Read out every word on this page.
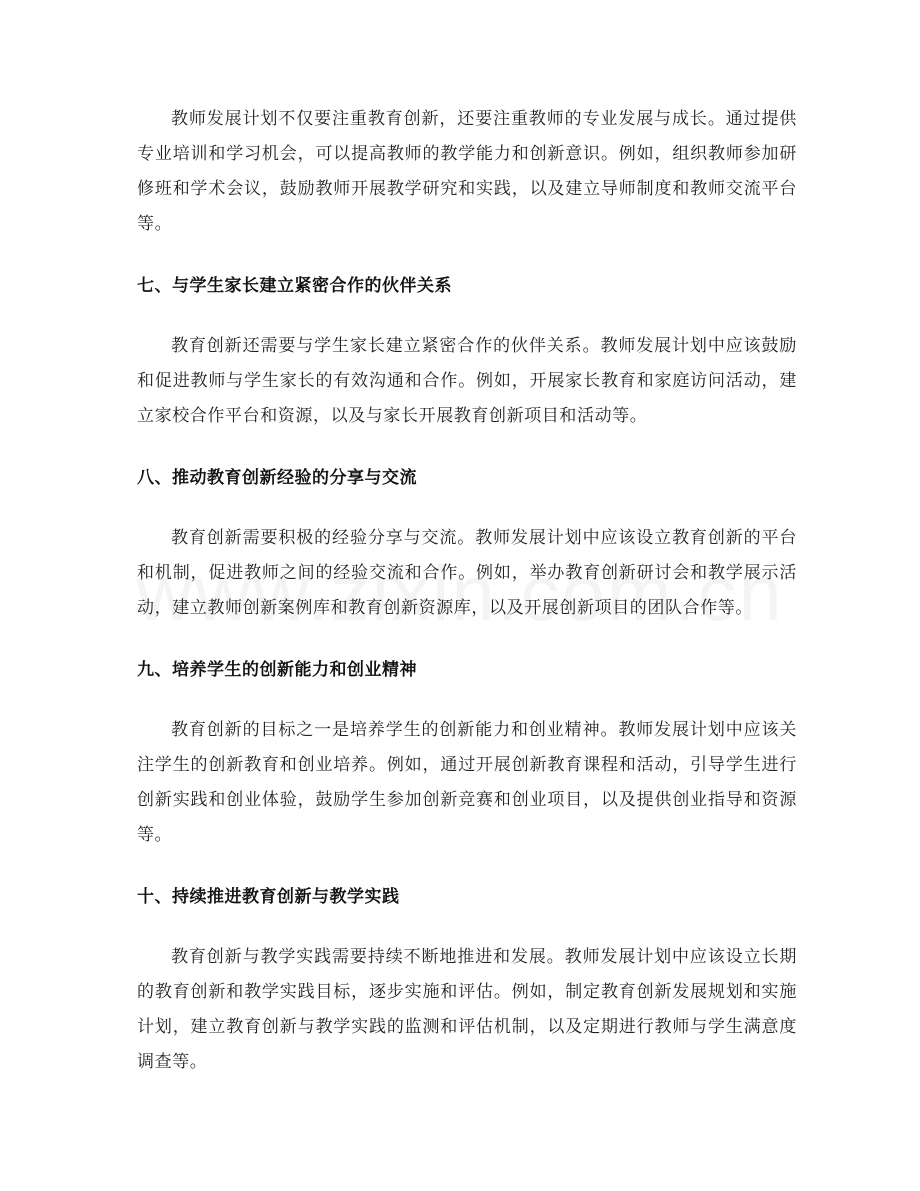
教师发展计划不仅要注重教育创新，还要注重教师的专业发展与成长。通过提供专业培训和学习机会，可以提高教师的教学能力和创新意识。例如，组织教师参加研修班和学术会议，鼓励教师开展教学研究和实践，以及建立导师制度和教师交流平台等。

七、与学生家长建立紧密合作的伙伴关系

教育创新还需要与学生家长建立紧密合作的伙伴关系。教师发展计划中应该鼓励和促进教师与学生家长的有效沟通和合作。例如，开展家长教育和家庭访问活动，建立家校合作平台和资源，以及与家长开展教育创新项目和活动等。

八、推动教育创新经验的分享与交流

教育创新需要积极的经验分享与交流。教师发展计划中应该设立教育创新的平台和机制，促进教师之间的经验交流和合作。例如，举办教育创新研讨会和教学展示活动，建立教师创新案例库和教育创新资源库，以及开展创新项目的团队合作等。

九、培养学生的创新能力和创业精神

教育创新的目标之一是培养学生的创新能力和创业精神。教师发展计划中应该关注学生的创新教育和创业培养。例如，通过开展创新教育课程和活动，引导学生进行创新实践和创业体验，鼓励学生参加创新竞赛和创业项目，以及提供创业指导和资源等。

十、持续推进教育创新与教学实践

教育创新与教学实践需要持续不断地推进和发展。教师发展计划中应该设立长期的教育创新和教学实践目标，逐步实施和评估。例如，制定教育创新发展规划和实施计划，建立教育创新与教学实践的监测和评估机制，以及定期进行教师与学生满意度调查等。
